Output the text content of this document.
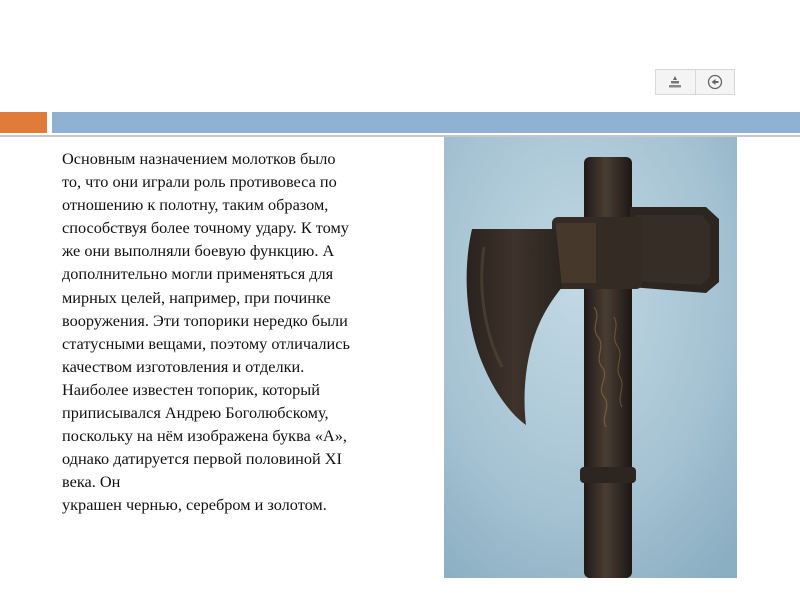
Основным назначением молотков было
то, что они играли роль противовеса по
отношению к полотну, таким образом,
способствуя более точному удару. К тому
же они выполняли боевую функцию. А
дополнительно могли применяться для
мирных целей, например, при починке
вооружения. Эти топорики нередко были
статусными вещами, поэтому отличались
качеством изготовления и отделки.
Наиболее известен топорик, который
приписывался Андрею Боголюбскому,
поскольку на нём изображена буква «А»,
однако датируется первой половиной XI
века. Он
украшен чернью, серебром и золотом.
